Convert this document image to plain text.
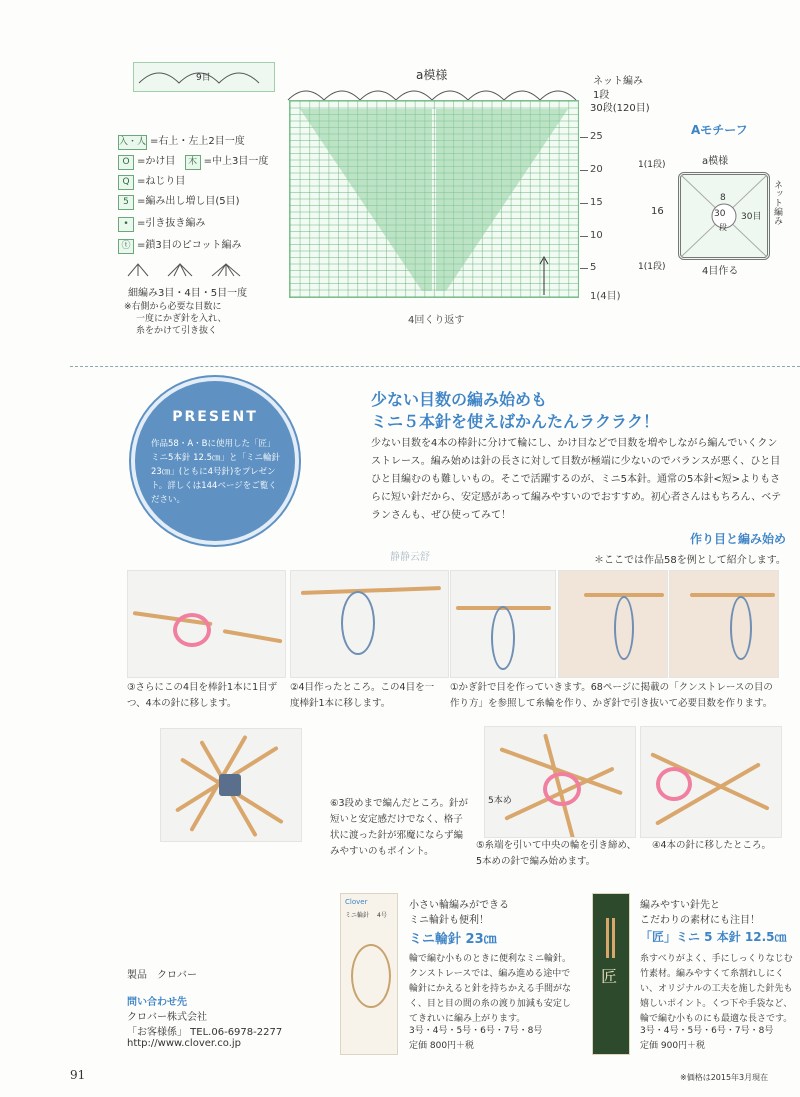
9目	a模様	ネット編み
1段
30段(120目)
25
20
15
10
5
1(4目)
4回くり返す
入・人 =右上・左上2目一度
O =かけ目 木 =中上3目一度
Q =ねじり目
5 =編み出し増し目(5目)
• =引き抜き編み
ⓣ =鎖3目のピコット編み
細編み3目・4目・5目一度
※右側から必要な目数に
一度にかぎ針を入れ、
糸をかけて引き抜く
Aモチーフ
a模様
1(1段)
16
1(1段)
8
30
段
30目 ネット編み
4目作る
PRESENT
作品58・A・Bに使用した「匠」ミニ5本針 12.5㎝」と「ミニ輪針 23㎝」(ともに4号針)をプレゼント。詳しくは144ページをご覧ください。
少ない目数の編み始めも
ミニ５本針を使えばかんたんラクラク！
少ない目数を4本の棒針に分けて輪にし、かけ目などで目数を増やしながら編んでいくクンストレース。編み始めは針の長さに対して目数が極端に少ないのでバランスが悪く、ひと目ひと目編むのも難しいもの。そこで活躍するのが、ミニ5本針。通常の5本針<短>よりもさらに短い針だから、安定感があって編みやすいのでおすすめ。初心者さんはもちろん、ベテランさんも、ぜひ使ってみて！
静静云舒
作り目と編み始め
＊ここでは作品58を例として紹介します。
③さらにこの4目を棒針1本に1目ずつ、4本の針に移します。
②4目作ったところ。この4目を一度棒針1本に移します。
①かぎ針で目を作っていきます。68ページに掲載の「クンストレースの目の作り方」を参照して糸輪を作り、かぎ針で引き抜いて必要目数を作ります。
⑥3段めまで編んだところ。針が短いと安定感だけでなく、格子状に渡った針が邪魔にならず編みやすいのもポイント。
5本め
⑤糸端を引いて中央の輪を引き締め、5本めの針で編み始めます。
④4本の針に移したところ。
Clover
ミニ輪針 4号
小さい輪編みができる
ミニ輪針も便利！
ミニ輪針 23㎝
輪で編む小ものときに便利なミニ輪針。クンストレースでは、編み進める途中で輪針にかえると針を持ちかえる手間がなく、目と目の間の糸の渡り加減も安定してきれいに編み上がります。
3号・4号・5号・6号・7号・8号
定価 800円＋税
匠
編みやすい針先と
こだわりの素材にも注目！
「匠」ミニ 5 本針 12.5㎝
糸すべりがよく、手にしっくりなじむ竹素材。編みやすくて糸割れしにくい、オリジナルの工夫を施した針先も嬉しいポイント。くつ下や手袋など、輪で編む小ものにも最適な長さです。
3号・4号・5号・6号・7号・8号
定価 900円＋税
製品　クロバー
問い合わせ先
クロバー株式会社
「お客様係」 TEL.06-6978-2277
http://www.clover.co.jp
91	※価格は2015年3月現在
